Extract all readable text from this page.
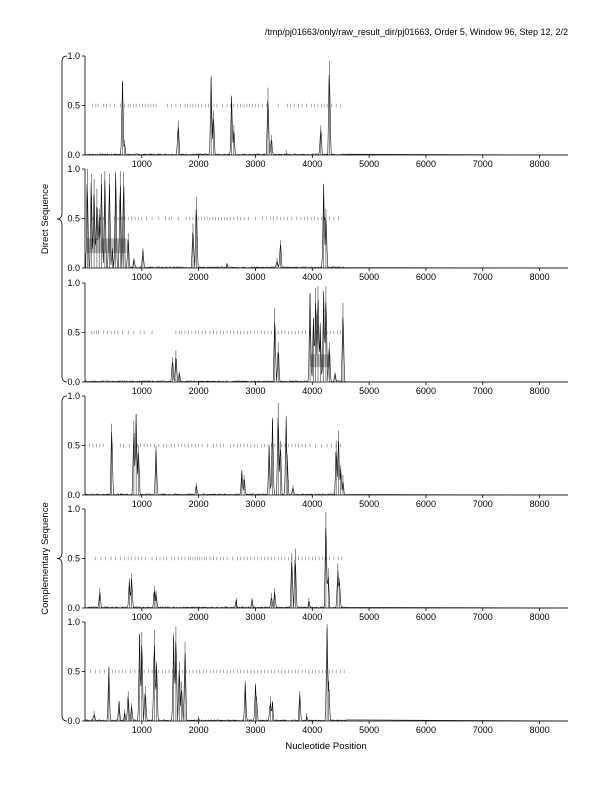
/tmp/pj01663/only/raw_result_dir/pj01663, Order 5, Window 96, Step 12, 2/2
0.0
0.5
1.0
1000	2000	3000	4000	5000	6000	7000	8000
0.0
0.5
1.0
1000	2000	3000	4000	5000	6000	7000	8000
0.0
0.5
1.0
1000	2000	3000	4000	5000	6000	7000	8000
0.0
0.5
1.0
1000	2000	3000	4000	5000	6000	7000	8000
0.0
0.5
1.0
1000	2000	3000	4000	5000	6000	7000	8000
0.0
0.5
1.0
1000	2000	3000	4000	5000	6000	7000	8000
Nucleotide Position
Direct Sequence
Complementary Sequence
